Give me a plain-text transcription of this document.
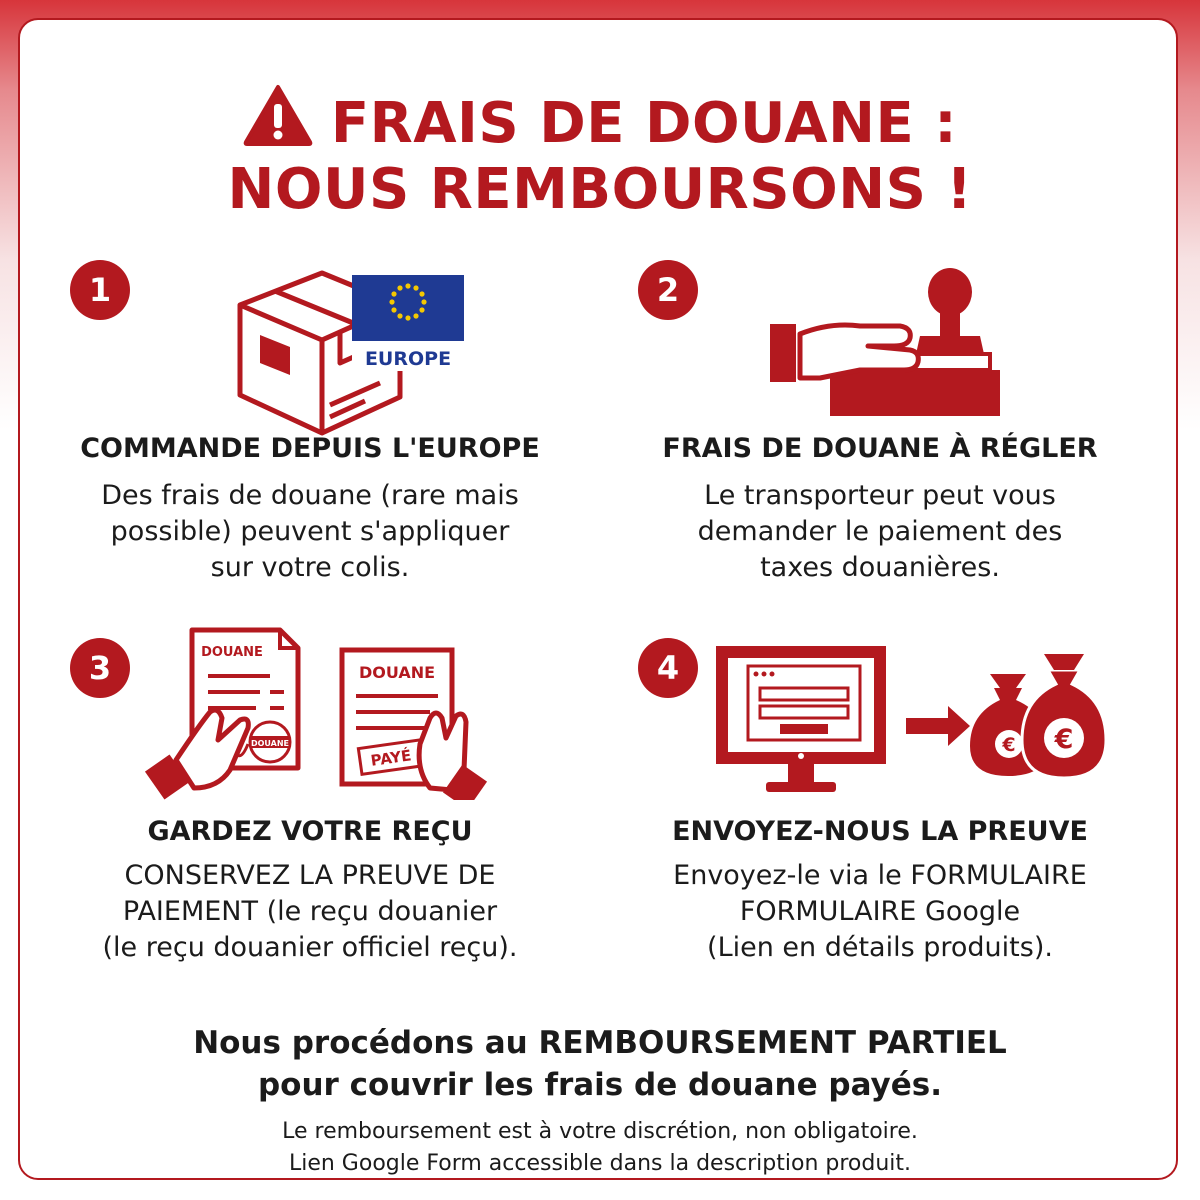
FRAIS DE DOUANE :
NOUS REMBOURSONS !
1
EUROPE
COMMANDE DEPUIS L'EUROPE
Des frais de douane (rare mais
possible) peuvent s'appliquer
sur votre colis.
2
FRAIS DE DOUANE À RÉGLER
Le transporteur peut vous
demander le paiement des
taxes douanières.
3	DOUANE
DOUANE
DOUANE
PAYÉ
GARDEZ VOTRE REÇU
CONSERVEZ LA PREUVE DE
PAIEMENT (le reçu douanier
(le reçu douanier officiel reçu).
4
€ €
ENVOYEZ-NOUS LA PREUVE
Envoyez-le via le FORMULAIRE
FORMULAIRE Google
(Lien en détails produits).
Nous procédons au REMBOURSEMENT PARTIEL
pour couvrir les frais de douane payés.
Le remboursement est à votre discrétion, non obligatoire.
Lien Google Form accessible dans la description produit.
